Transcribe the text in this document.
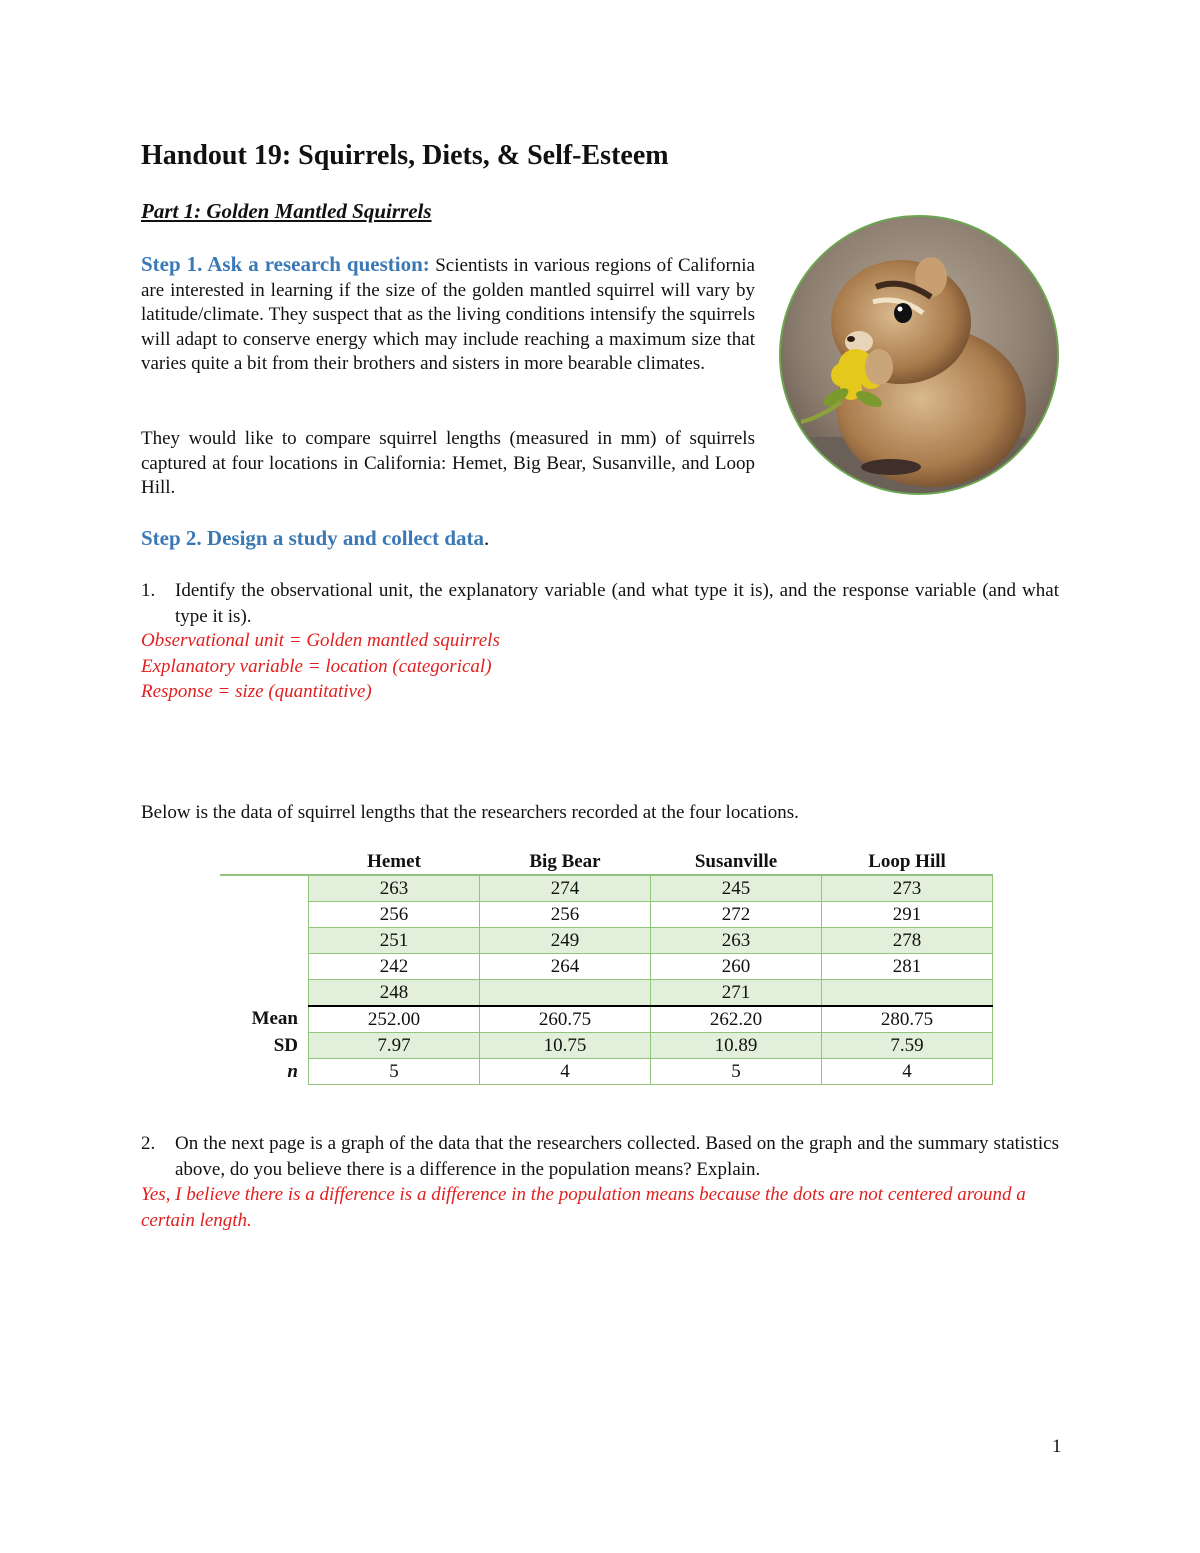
Handout 19: Squirrels, Diets, & Self-Esteem
Part 1: Golden Mantled Squirrels
Step 1. Ask a research question: Scientists in various regions of California are interested in learning if the size of the golden mantled squirrel will vary by latitude/climate. They suspect that as the living conditions intensify the squirrels will adapt to conserve energy which may include reaching a maximum size that varies quite a bit from their brothers and sisters in more bearable climates.
They would like to compare squirrel lengths (measured in mm) of squirrels captured at four locations in California: Hemet, Big Bear, Susanville, and Loop Hill.
Step 2. Design a study and collect data.
1. Identify the observational unit, the explanatory variable (and what type it is), and the response variable (and what type it is).
Observational unit = Golden mantled squirrels
Explanatory variable = location (categorical)
Response = size (quantitative)
Below is the data of squirrel lengths that the researchers recorded at the four locations.
	Hemet	Big Bear	Susanville	Loop Hill
	263	274	245	273
	256	256	272	291
	251	249	263	278
	242	264	260	281
	248		271	
Mean	252.00	260.75	262.20	280.75
SD	7.97	10.75	10.89	7.59
n	5	4	5	4
2. On the next page is a graph of the data that the researchers collected. Based on the graph and the summary statistics above, do you believe there is a difference in the population means? Explain.
Yes, I believe there is a difference is a difference in the population means because the dots are not centered around a certain length.
1
